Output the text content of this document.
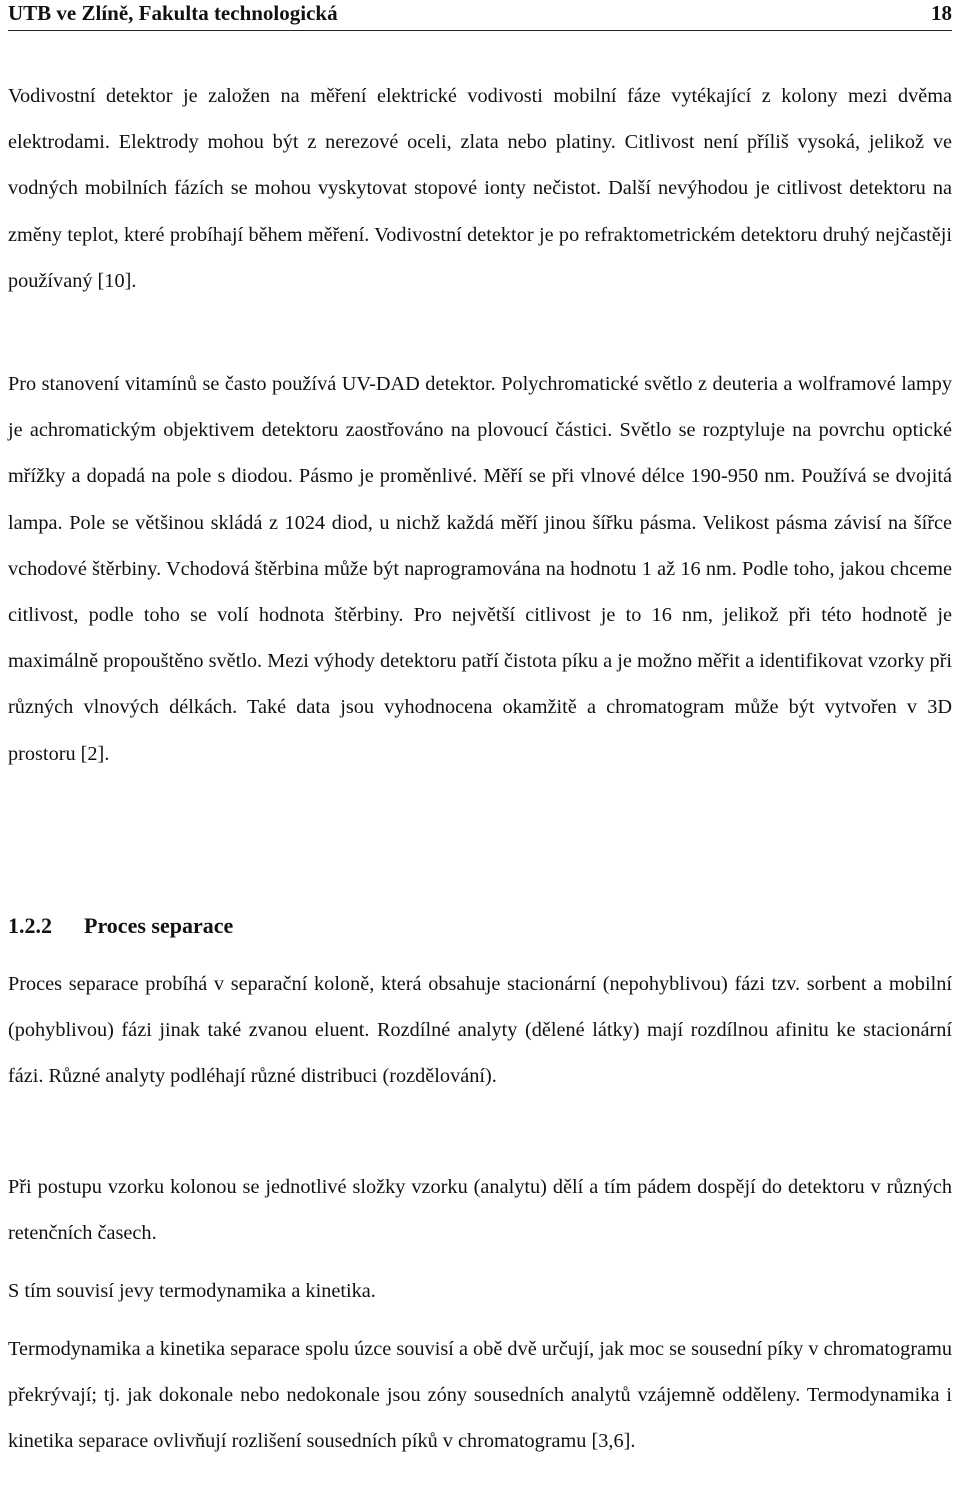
UTB ve Zlíně, Fakulta technologická	18

Vodivostní detektor je založen na měření elektrické vodivosti mobilní fáze vytékající z kolony mezi dvěma elektrodami. Elektrody mohou být z nerezové oceli, zlata nebo platiny. Citlivost není příliš vysoká, jelikož ve vodných mobilních fázích se mohou vyskytovat stopové ionty nečistot. Další nevýhodou je citlivost detektoru na změny teplot, které probíhají během měření. Vodivostní detektor je po refraktometrickém detektoru druhý nejčastěji používaný [10].

Pro stanovení vitamínů se často používá UV-DAD detektor. Polychromatické světlo z deuteria a wolframové lampy je achromatickým objektivem detektoru zaostřováno na plovoucí částici. Světlo se rozptyluje na povrchu optické mřížky a dopadá na pole s diodou. Pásmo je proměnlivé. Měří se při vlnové délce 190-950 nm. Používá se dvojitá lampa. Pole se většinou skládá z 1024 diod, u nichž každá měří jinou šířku pásma. Velikost pásma závisí na šířce vchodové štěrbiny. Vchodová štěrbina může být naprogramována na hodnotu 1 až 16 nm. Podle toho, jakou chceme citlivost, podle toho se volí hodnota štěrbiny. Pro největší citlivost je to 16 nm, jelikož při této hodnotě je maximálně propouštěno světlo. Mezi výhody detektoru patří čistota píku a je možno měřit a identifikovat vzorky při různých vlnových délkách. Také data jsou vyhodnocena okamžitě a chromatogram může být vytvořen v 3D prostoru [2].

1.2.2 Proces separace

Proces separace probíhá v separační koloně, která obsahuje stacionární (nepohyblivou) fázi tzv. sorbent a mobilní (pohyblivou) fázi jinak také zvanou eluent. Rozdílné analyty (dělené látky) mají rozdílnou afinitu ke stacionární fázi. Různé analyty podléhají různé distribuci (rozdělování).

Při postupu vzorku kolonou se jednotlivé složky vzorku (analytu) dělí a tím pádem dospějí do detektoru v různých retenčních časech.

S tím souvisí jevy termodynamika a kinetika.

Termodynamika a kinetika separace spolu úzce souvisí a obě dvě určují, jak moc se sousední píky v chromatogramu překrývají; tj. jak dokonale nebo nedokonale jsou zóny sousedních analytů vzájemně odděleny. Termodynamika i kinetika separace ovlivňují rozlišení sousedních píků v chromatogramu [3,6].
